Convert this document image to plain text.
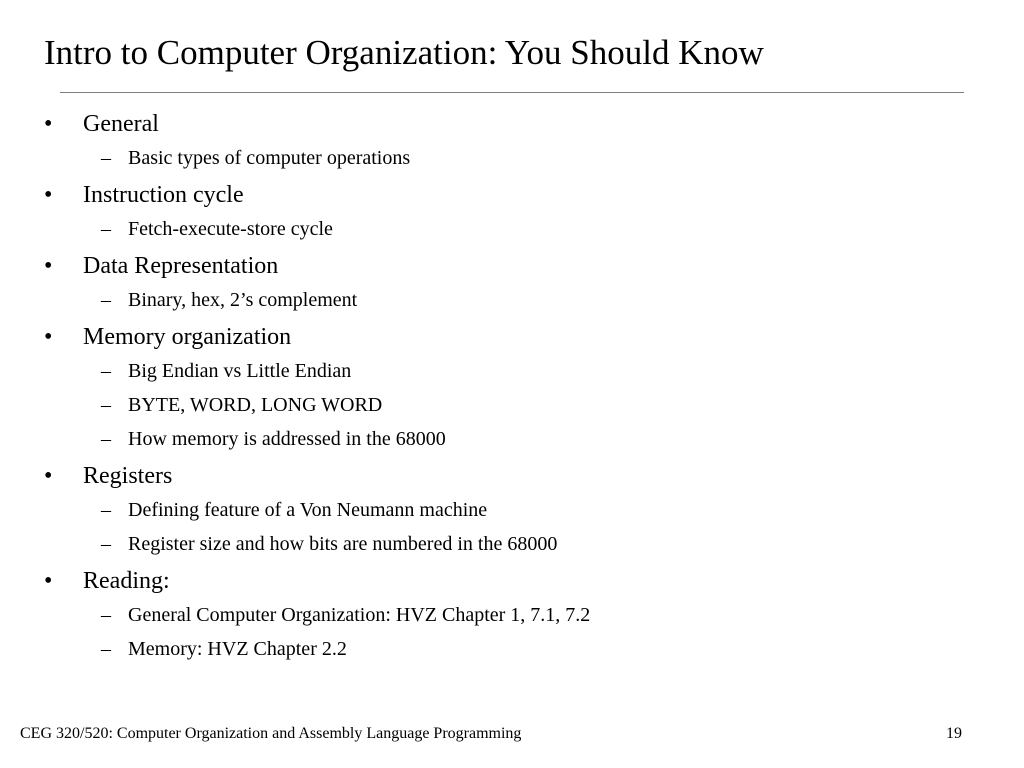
Intro to Computer Organization: You Should Know
• General
– Basic types of computer operations
• Instruction cycle
– Fetch-execute-store cycle
• Data Representation
– Binary, hex, 2’s complement
• Memory organization
– Big Endian vs Little Endian
– BYTE, WORD, LONG WORD
– How memory is addressed in the 68000
• Registers
– Defining feature of a Von Neumann machine
– Register size and how bits are numbered in the 68000
• Reading:
– General Computer Organization: HVZ Chapter 1, 7.1, 7.2
– Memory: HVZ Chapter 2.2
CEG 320/520: Computer Organization and Assembly Language Programming	19
